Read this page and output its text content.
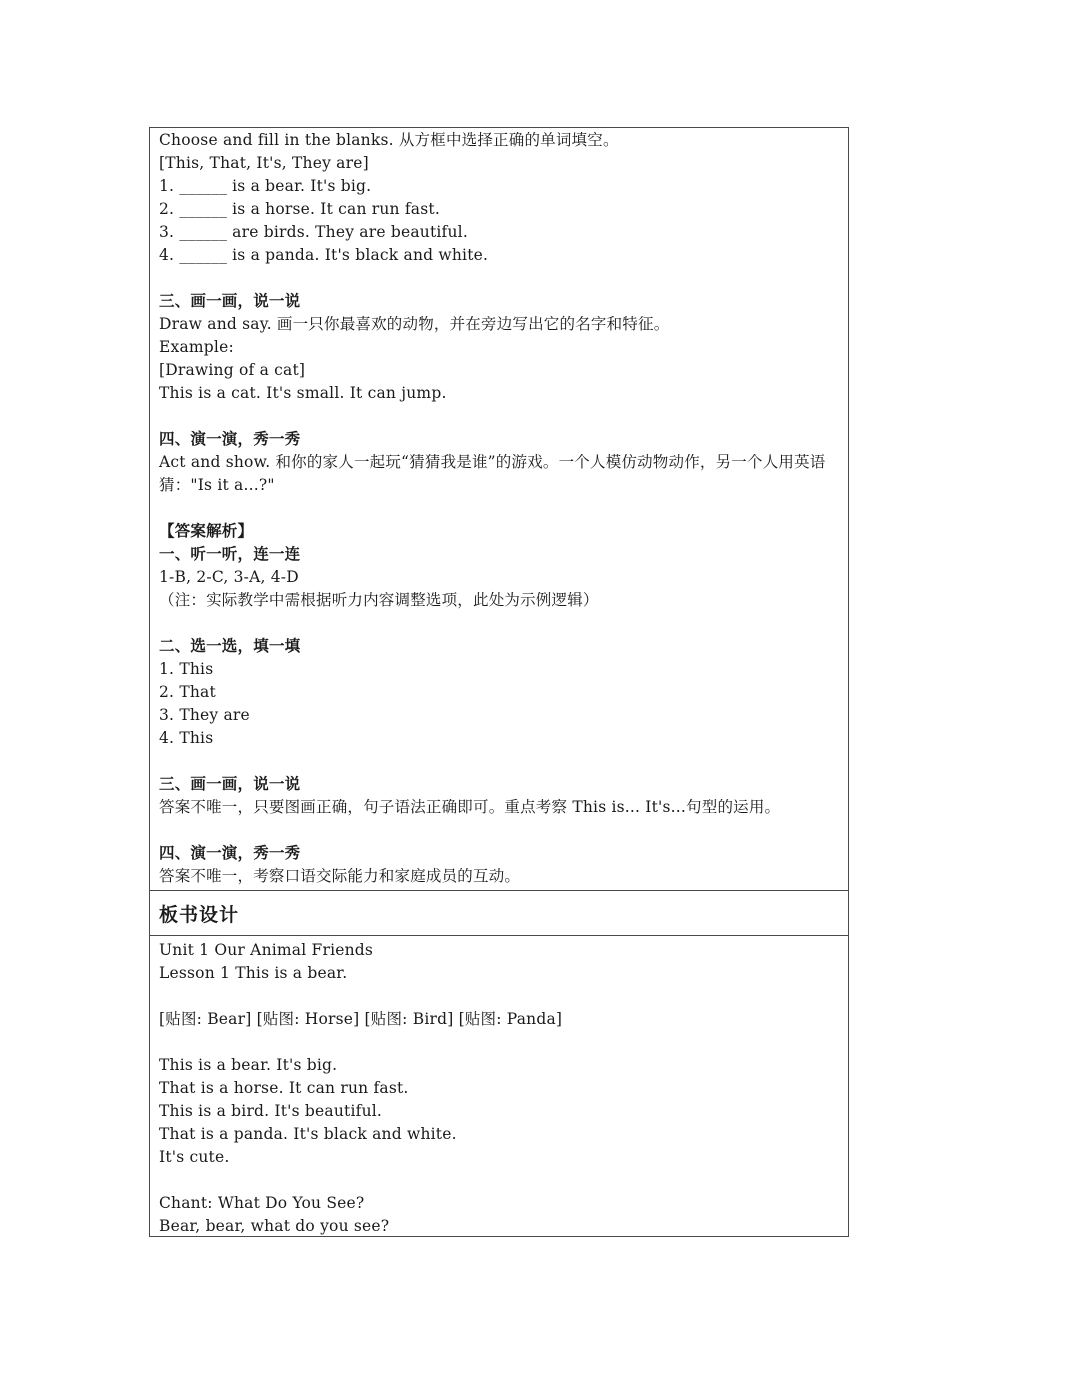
Choose and fill in the blanks. 从方框中选择正确的单词填空。
[This, That, It's, They are]
1. ______ is a bear. It's big.
2. ______ is a horse. It can run fast.
3. ______ are birds. They are beautiful.
4. ______ is a panda. It's black and white.
三、画一画，说一说
Draw and say. 画一只你最喜欢的动物，并在旁边写出它的名字和特征。
Example:
[Drawing of a cat]
This is a cat. It's small. It can jump.
四、演一演，秀一秀
Act and show. 和你的家人一起玩“猜猜我是谁”的游戏。一个人模仿动物动作，另一个人用英语猜："Is it a...?"
【答案解析】
一、听一听，连一连
1-B, 2-C, 3-A, 4-D
（注：实际教学中需根据听力内容调整选项，此处为示例逻辑）
二、选一选，填一填
1. This
2. That
3. They are
4. This
三、画一画，说一说
答案不唯一，只要图画正确，句子语法正确即可。重点考察 This is... It's...句型的运用。
四、演一演，秀一秀
答案不唯一，考察口语交际能力和家庭成员的互动。
板书设计
Unit 1 Our Animal Friends
Lesson 1 This is a bear.
[贴图: Bear] [贴图: Horse] [贴图: Bird] [贴图: Panda]
This is a bear. It's big.
That is a horse. It can run fast.
This is a bird. It's beautiful.
That is a panda. It's black and white.
It's cute.
Chant: What Do You See?
Bear, bear, what do you see?
